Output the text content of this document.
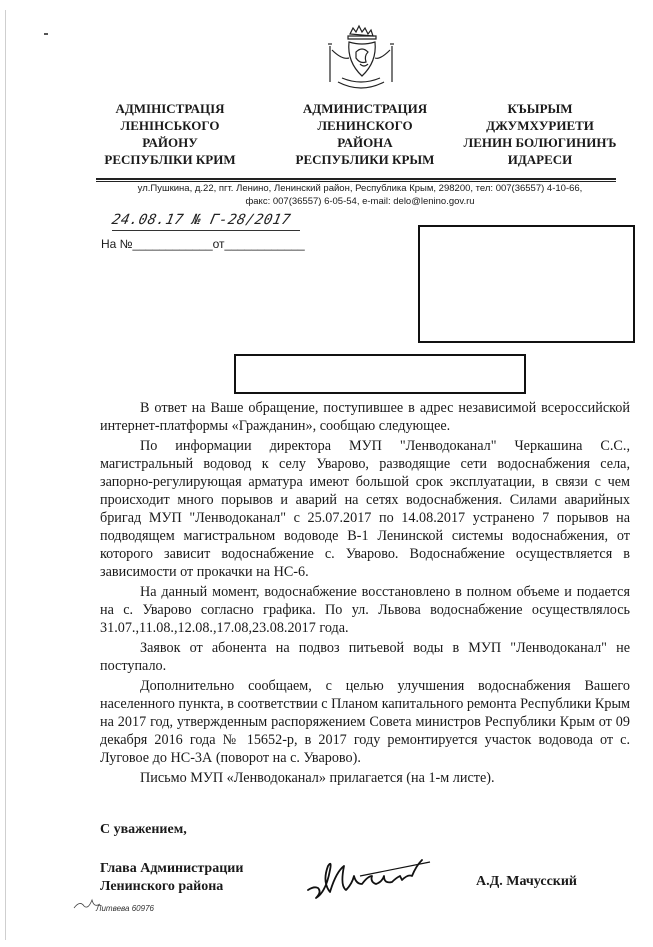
АДМІНІСТРАЦІЯ
ЛЕНІНСЬКОГО
РАЙОНУ
РЕСПУБЛІКИ КРИМ
АДМИНИСТРАЦИЯ
ЛЕНИНСКОГО
РАЙОНА
РЕСПУБЛИКИ КРЫМ
КЪЫРЫМ
ДЖУМХУРИЕТИ
ЛЕНИН БОЛЮГИНИНЪ
ИДАРЕСИ
ул.Пушкина, д.22, пгт. Ленино, Ленинский район, Республика Крым, 298200, тел: 007(36557) 4-10-66,
факс: 007(36557) 6-05-54, e-mail: delo@lenino.gov.ru
24.08.17 № Г-28/2017
На №____________от____________

В ответ на Ваше обращение, поступившее в адрес независимой всероссийской интернет-платформы «Гражданин», сообщаю следующее.

По информации директора МУП "Ленводоканал" Черкашина С.С., магистральный водовод к селу Уварово, разводящие сети водоснабжения села, запорно-регулирующая арматура имеют большой срок эксплуатации, в связи с чем происходит много порывов и аварий на сетях водоснабжения. Силами аварийных бригад МУП "Ленводоканал" с 25.07.2017 по 14.08.2017 устранено 7 порывов на подводящем магистральном водоводе В-1 Ленинской системы водоснабжения, от которого зависит водоснабжение с. Уварово. Водоснабжение осуществляется в зависимости от прокачки на НС-6.

На данный момент, водоснабжение восстановлено в полном объеме и подается на с. Уварово согласно графика. По ул. Львова водоснабжение осуществлялось 31.07.,11.08.,12.08.,17.08,23.08.2017 года.

Заявок от абонента на подвоз питьевой воды в МУП "Ленводоканал" не поступало.

Дополнительно сообщаем, с целью улучшения водоснабжения Вашего населенного пункта, в соответствии с Планом капитального ремонта Республики Крым на 2017 год, утвержденным распоряжением Совета министров Республики Крым от 09 декабря 2016 года № 15652-р, в 2017 году ремонтируется участок водовода от с. Луговое до НС-3А (поворот на с. Уварово).

Письмо МУП «Ленводоканал» прилагается (на 1-м листе).

С уважением,
Глава Администрации
Ленинского района	А.Д. Мачусский
Литвева 60976
